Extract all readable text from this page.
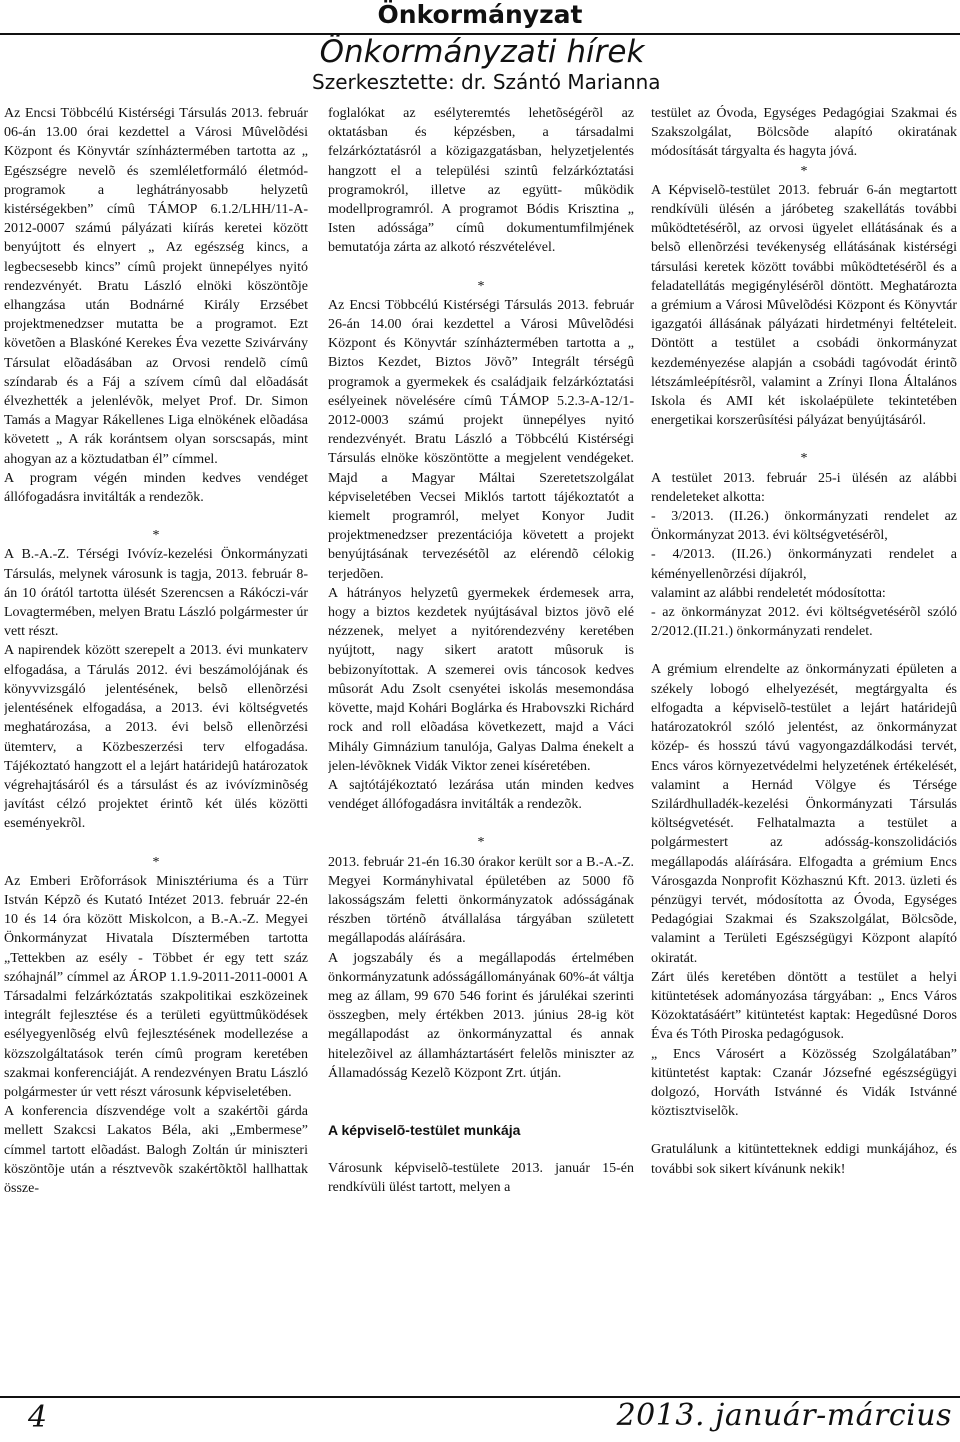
Önkormányzat
Önkormányzati hírek
Szerkesztette: dr. Szántó Marianna

Az Encsi Többcélú Kistérségi Társulás 2013. február 06-án 13.00 órai kezdettel a Városi Mûvelõdési Központ és Könyvtár színháztermében tartotta az „ Egészségre nevelõ és szemléletformáló életmód-programok a leghátrányosabb helyzetû kistérségekben” címû TÁMOP 6.1.2/LHH/11-A-2012-0007 számú pályázati kiírás keretei között benyújtott és elnyert „ Az egészség kincs, a legbecsesebb kincs” címû projekt ünnepélyes nyitó rendezvényét. Bratu László elnöki köszöntõje elhangzása után Bodnárné Király Erzsébet projektmenedzser mutatta be a programot. Ezt követõen a Blaskóné Kerekes Éva vezette Szivárvány Társulat elõadásában az Orvosi rendelõ címû színdarab és a Fáj a szívem címû dal elõadását élvezhették a jelenlévõk, melyet Prof. Dr. Simon Tamás a Magyar Rákellenes Liga elnökének elõadása követett „ A rák korántsem olyan sorscsapás, mint ahogyan az a köztudatban él” címmel.

A program végén minden kedves vendéget állófogadásra invitálták a rendezõk.

*

A B.-A.-Z. Térségi Ivóvíz-kezelési Önkormányzati Társulás, melynek városunk is tagja, 2013. február 8-án 10 órától tartotta ülését Szerencsen a Rákóczi-vár Lovagtermében, melyen Bratu László polgármester úr vett részt.

A napirendek között szerepelt a 2013. évi munkaterv elfogadása, a Tárulás 2012. évi beszámolójának és könyvvizsgáló jelentésének, belsõ ellenõrzési jelentésének elfogadása, a 2013. évi költségvetés meghatározása, a 2013. évi belsõ ellenõrzési ütemterv, a Közbeszerzési terv elfogadása. Tájékoztató hangzott el a lejárt határidejû határozatok végrehajtásáról és a társulást és az ivóvízminõség javítást célzó projektet érintõ két ülés közötti eseményekrõl.

*

Az Emberi Erõforrások Minisztériuma és a Türr István Képzõ és Kutató Intézet 2013. február 22-én 10 és 14 óra között Miskolcon, a B.-A.-Z. Megyei Önkormányzat Hivatala Dísztermében tartotta „Tettekben az esély - Többet ér egy tett száz szóhajnál” címmel az ÁROP 1.1.9-2011-2011-0001 A Társadalmi felzárkóztatás szakpolitikai eszközeinek integrált fejlesztése és a területi együttmûködések esélyegyenlõség elvû fejlesztésének modellezése a közszolgáltatások terén címû program keretében szakmai konferenciáját. A rendezvényen Bratu László polgármester úr vett részt városunk képviseletében.

A konferencia díszvendége volt a szakértõi gárda mellett Szakcsi Lakatos Béla, aki „Embermese” címmel tartott elõadást. Balogh Zoltán úr miniszteri köszöntõje után a résztvevõk szakértõktõl hallhattak össze-

foglalókat az esélyteremtés lehetõségérõl az oktatásban és képzésben, a társadalmi felzárkóztatásról a közigazgatásban, helyzetjelentés hangzott el a települési szintû felzárkóztatási programokról, illetve az együtt- mûködik modellprogramról. A programot Bódis Krisztina „ Isten adóssága” címû dokumentumfilmjének bemutatója zárta az alkotó részvételével.

*

Az Encsi Többcélú Kistérségi Társulás 2013. február 26-án 14.00 órai kezdettel a Városi Mûvelõdési Központ és Könyvtár színháztermében tartotta a „ Biztos Kezdet, Biztos Jövõ” Integrált térségû programok a gyermekek és családjaik felzárkóztatási esélyeinek növelésére címû TÁMOP 5.2.3-A-12/1-2012-0003 számú projekt ünnepélyes nyitó rendezvényét. Bratu László a Többcélú Kistérségi Társulás elnöke köszöntötte a megjelent vendégeket. Majd a Magyar Máltai Szeretetszolgálat képviseletében Vecsei Miklós tartott tájékoztatót a kiemelt programról, melyet Konyor Judit projektmenedzser prezentációja követett a projekt benyújtásának tervezésétõl az elérendõ célokig terjedõen.

A hátrányos helyzetû gyermekek érdemesek arra, hogy a biztos kezdetek nyújtásával biztos jövõ elé nézzenek, melyet a nyitórendezvény keretében nyújtott, nagy sikert aratott mûsoruk is bebizonyítottak. A szemerei ovis táncosok kedves mûsorát Adu Zsolt csenyétei iskolás mesemondása követte, majd Kohári Boglárka és Hrabovszki Richárd rock and roll elõadása következett, majd a Váci Mihály Gimnázium tanulója, Galyas Dalma énekelt a jelen-lévõknek Vidák Viktor zenei kíséretében.

A sajtótájékoztató lezárása után minden kedves vendéget állófogadásra invitálták a rendezõk.

*

2013. február 21-én 16.30 órakor került sor a B.-A.-Z. Megyei Kormányhivatal épületében az 5000 fõ lakosságszám feletti önkormányzatok adósságának részben történõ átvállalása tárgyában született megállapodás aláírására.

A jogszabály és a megállapodás értelmében önkormányzatunk adósságállományának 60%-át váltja meg az állam, 99 670 546 forint és járulékai szerinti összegben, mely értékben 2013. június 28-ig köt megállapodást az önkormányzattal és annak hitelezõivel az államháztartásért felelõs miniszter az Államadósság Kezelõ Központ Zrt. útján.

A képviselõ-testület munkája

Városunk képviselõ-testülete 2013. január 15-én rendkívüli ülést tartott, melyen a

testület az Óvoda, Egységes Pedagógiai Szakmai és Szakszolgálat, Bölcsõde alapító okiratának módosítását tárgyalta és hagyta jóvá.

*

A Képviselõ-testület 2013. február 6-án megtartott rendkívüli ülésén a járóbeteg szakellátás további mûködtetésérõl, az orvosi ügyelet ellátásának és a belsõ ellenõrzési tevékenység ellátásának kistérségi társulási keretek között további mûködtetésérõl és a feladatellátás megigénylésérõl döntött. Meghatározta a grémium a Városi Mûvelõdési Központ és Könyvtár igazgatói állásának pályázati hirdetményi feltételeit. Döntött a testület a csobádi önkormányzat kezdeményezése alapján a csobádi tagóvodát érintõ létszámleépítésrõl, valamint a Zrínyi Ilona Általános Iskola és AMI két iskolaépülete tekintetében energetikai korszerûsítési pályázat benyújtásáról.

*

A testület 2013. február 25-i ülésén az alábbi rendeleteket alkotta:

- 3/2013. (II.26.) önkormányzati rendelet az Önkormányzat 2013. évi költségvetésérõl,

- 4/2013. (II.26.) önkormányzati rendelet a kéményellenõrzési díjakról,

valamint az alábbi rendeletét módosította:

- az önkormányzat 2012. évi költségvetésérõl szóló 2/2012.(II.21.) önkormányzati rendelet.

A grémium elrendelte az önkormányzati épületen a székely lobogó elhelyezését, megtárgyalta és elfogadta a képviselõ-testület a lejárt határidejû határozatokról szóló jelentést, az önkormányzat közép- és hosszú távú vagyongazdálkodási tervét, Encs város környezetvédelmi helyzetének értékelését, valamint a Hernád Völgye és Térsége Szilárdhulladék-kezelési Önkormányzati Társulás költségvetését. Felhatalmazta a testület a polgármestert az adósság-konszolidációs megállapodás aláírására. Elfogadta a grémium Encs Városgazda Nonprofit Közhasznú Kft. 2013. üzleti és pénzügyi tervét, módosította az Óvoda, Egységes Pedagógiai Szakmai és Szakszolgálat, Bölcsõde, valamint a Területi Egészségügyi Központ alapító okiratát.

Zárt ülés keretében döntött a testület a helyi kitüntetések adományozása tárgyában: „ Encs Város Közoktatásáért” kitüntetést kaptak: Hegedûsné Doros Éva és Tóth Piroska pedagógusok.

„ Encs Városért a Közösség Szolgálatában” kitüntetést kaptak: Czanár Józsefné egészségügyi dolgozó, Horváth Istvánné és Vidák Istvánné köztisztviselõk.

Gratulálunk a kitüntetteknek eddigi munkájához, és további sok sikert kívánunk nekik!

4	2013. január-március
